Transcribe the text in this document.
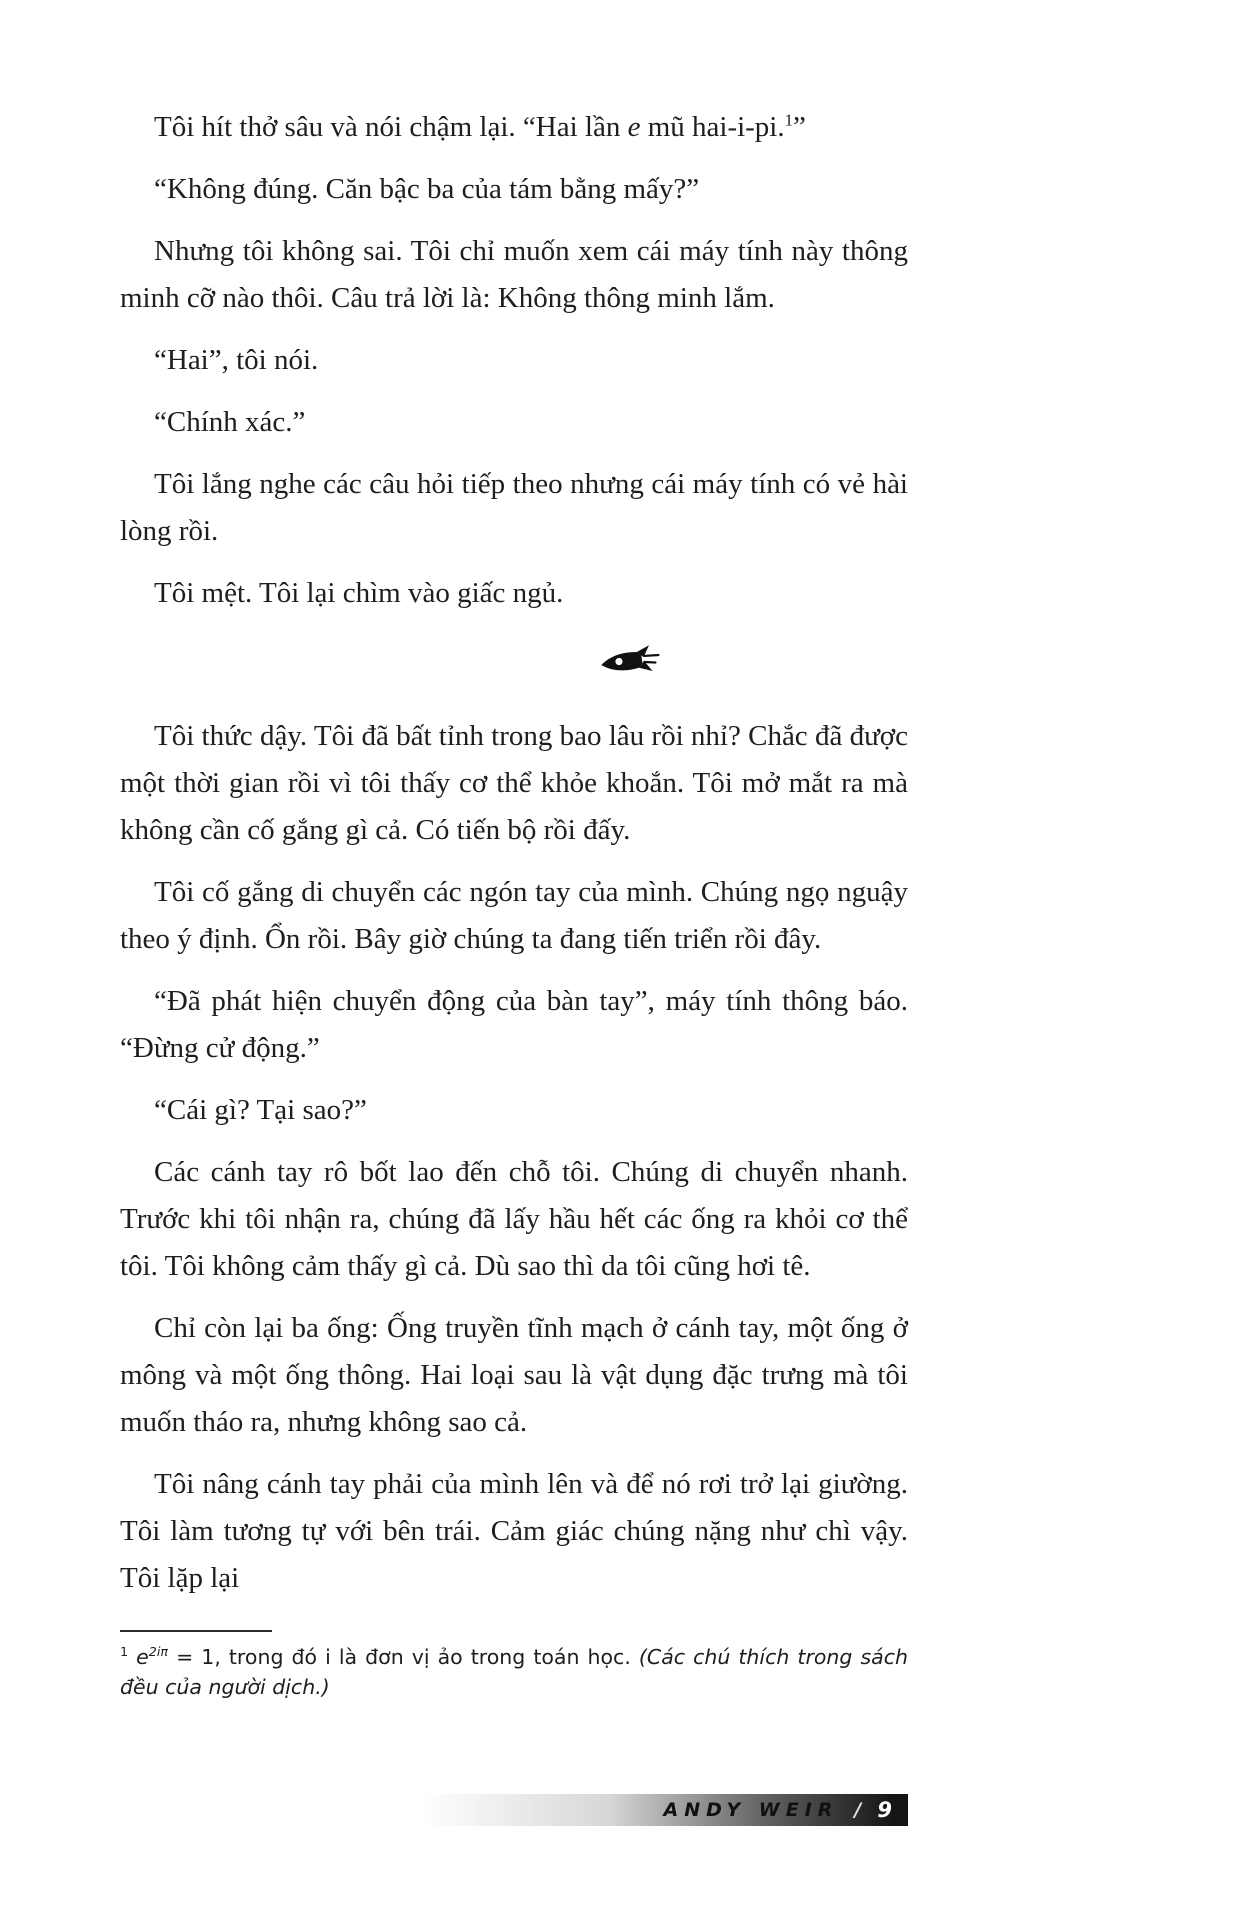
Tôi hít thở sâu và nói chậm lại. “Hai lần e mũ hai-i-pi.$^1$”

“Không đúng. Căn bậc ba của tám bằng mấy?”

Nhưng tôi không sai. Tôi chỉ muốn xem cái máy tính này thông minh cỡ nào thôi. Câu trả lời là: Không thông minh lắm.

“Hai”, tôi nói.

“Chính xác.”

Tôi lắng nghe các câu hỏi tiếp theo nhưng cái máy tính có vẻ hài lòng rồi.

Tôi mệt. Tôi lại chìm vào giấc ngủ.

Tôi thức dậy. Tôi đã bất tỉnh trong bao lâu rồi nhỉ? Chắc đã được một thời gian rồi vì tôi thấy cơ thể khỏe khoắn. Tôi mở mắt ra mà không cần cố gắng gì cả. Có tiến bộ rồi đấy.

Tôi cố gắng di chuyển các ngón tay của mình. Chúng ngọ nguậy theo ý định. Ổn rồi. Bây giờ chúng ta đang tiến triển rồi đây.

“Đã phát hiện chuyển động của bàn tay”, máy tính thông báo. “Đừng cử động.”

“Cái gì? Tại sao?”

Các cánh tay rô bốt lao đến chỗ tôi. Chúng di chuyển nhanh. Trước khi tôi nhận ra, chúng đã lấy hầu hết các ống ra khỏi cơ thể tôi. Tôi không cảm thấy gì cả. Dù sao thì da tôi cũng hơi tê.

Chỉ còn lại ba ống: Ống truyền tĩnh mạch ở cánh tay, một ống ở mông và một ống thông. Hai loại sau là vật dụng đặc trưng mà tôi muốn tháo ra, nhưng không sao cả.

Tôi nâng cánh tay phải của mình lên và để nó rơi trở lại giường. Tôi làm tương tự với bên trái. Cảm giác chúng nặng như chì vậy. Tôi lặp lại

$^1$ $e^{2i\pi} = 1$, trong đó i là đơn vị ảo trong toán học. (Các chú thích trong sách đều của người dịch.)
ANDY WEIR / 9
